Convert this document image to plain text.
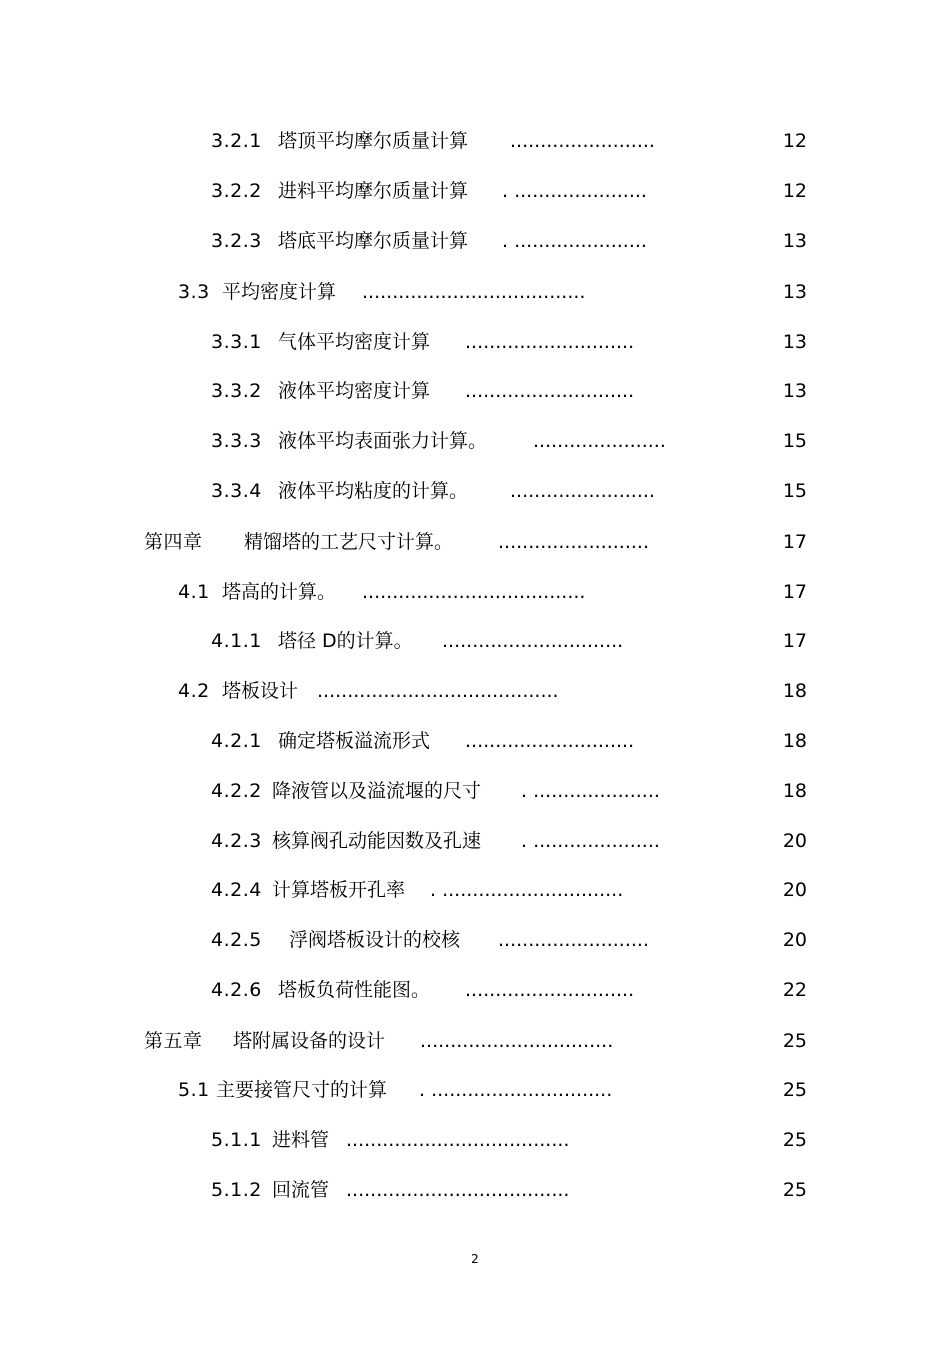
3.2.1 塔顶平均摩尔质量计算 ........................	12
3.2.2 进料平均摩尔质量计算 . ......................	12
3.2.3 塔底平均摩尔质量计算 . ......................	13
3.3 平均密度计算 .....................................	13
3.3.1 气体平均密度计算 ............................	13
3.3.2 液体平均密度计算 ............................	13
3.3.3 液体平均表面张力计算。 ......................	15
3.3.4 液体平均粘度的计算。 ........................	15
第四章 精馏塔的工艺尺寸计算。 .........................	17
4.1 塔高的计算。 .....................................	17
4.1.1 塔径 D的计算。 ..............................	17
4.2 塔板设计 ........................................	18
4.2.1 确定塔板溢流形式 ............................	18
4.2.2 降液管以及溢流堰的尺寸 . .....................	18
4.2.3 核算阀孔动能因数及孔速 . .....................	20
4.2.4 计算塔板开孔率 . ..............................	20
4.2.5 浮阀塔板设计的校核 .........................	20
4.2.6 塔板负荷性能图。 ............................	22
第五章 塔附属设备的设计 ................................	25
5.1 主要接管尺寸的计算 . ..............................	25
5.1.1 进料管 .....................................	25
5.1.2 回流管 .....................................	25
2
